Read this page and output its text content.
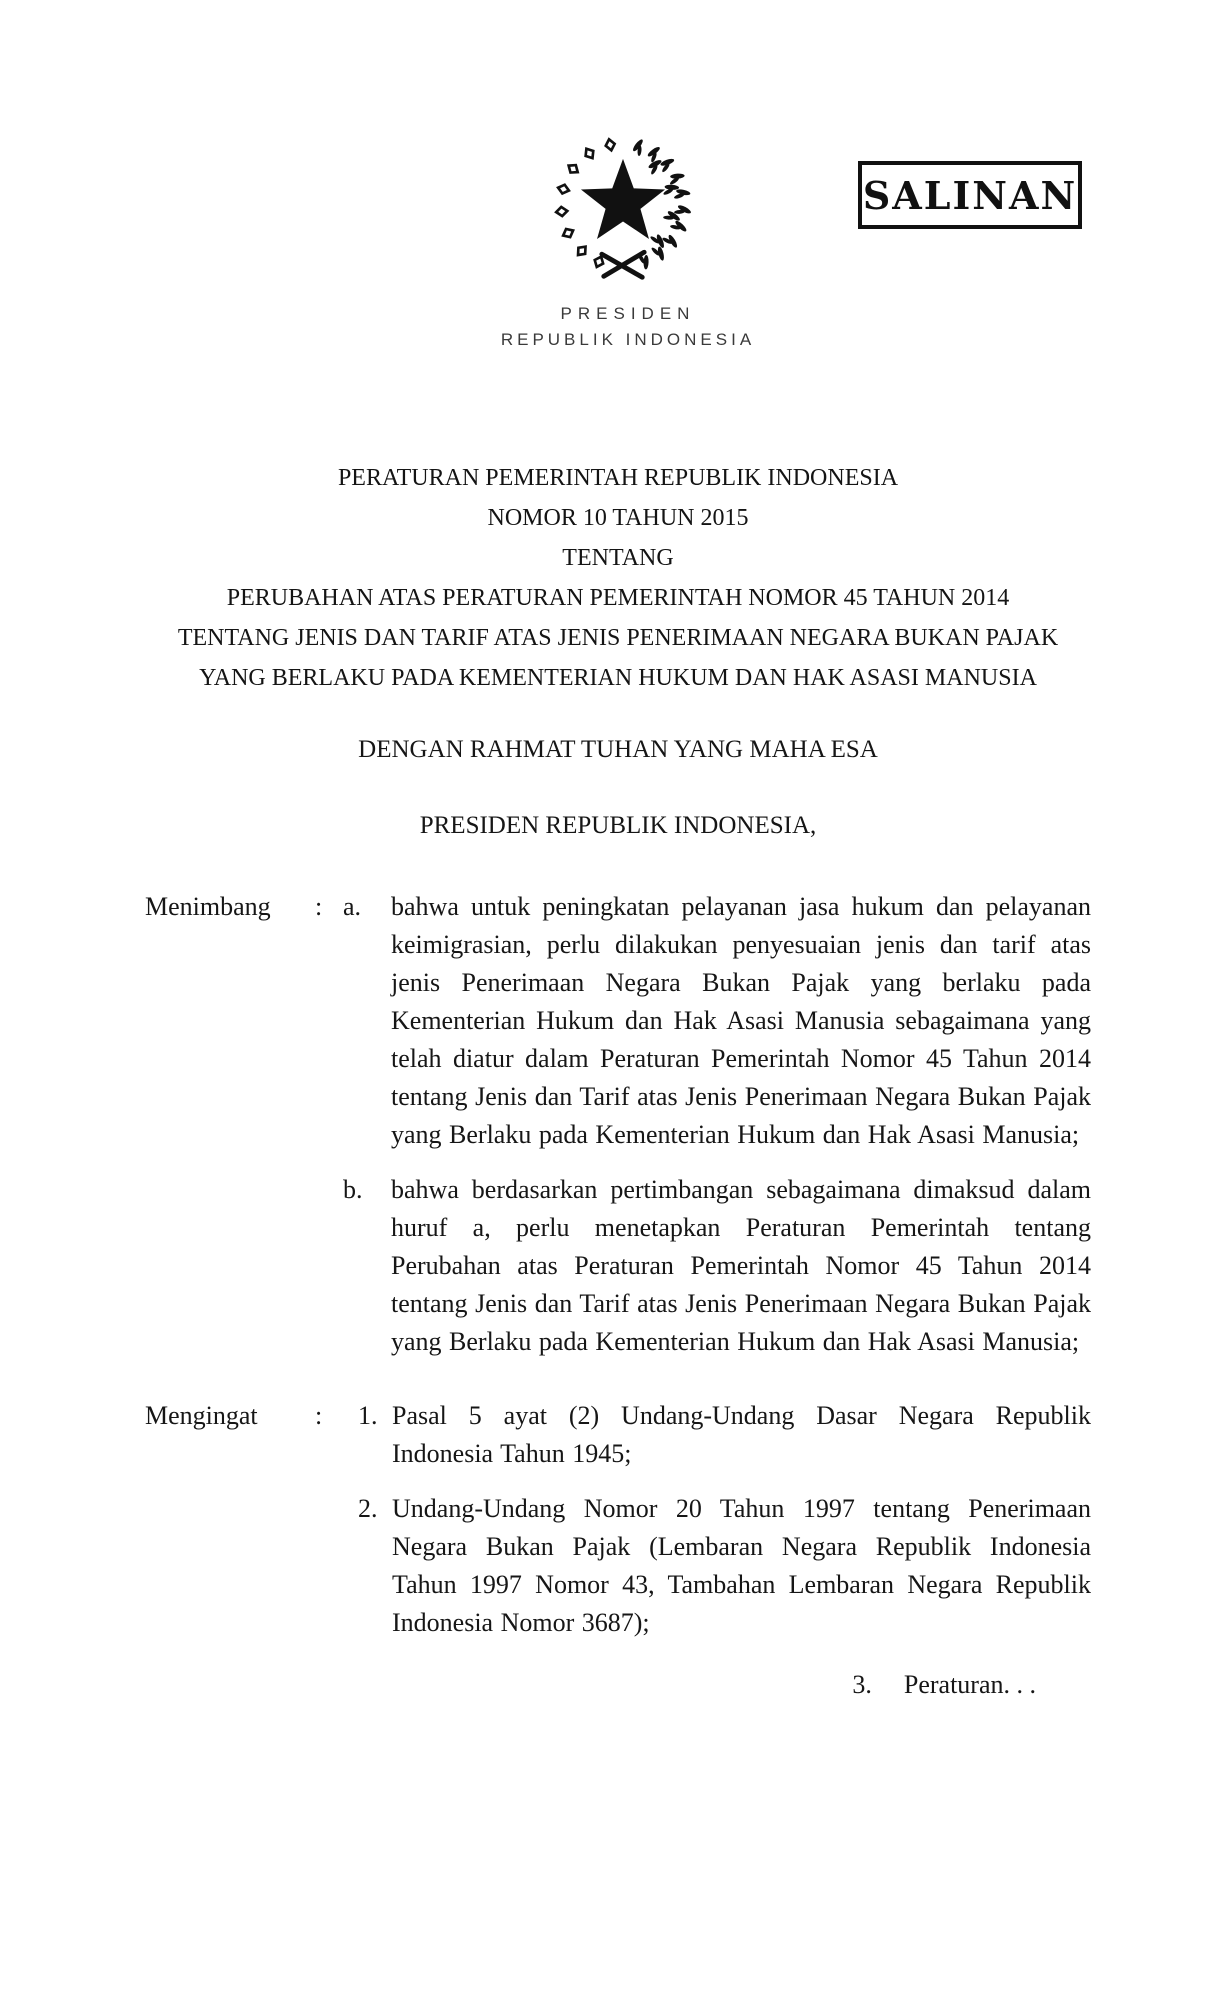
SALINAN
PRESIDEN
REPUBLIK INDONESIA
PERATURAN PEMERINTAH REPUBLIK INDONESIA
NOMOR 10 TAHUN 2015
TENTANG
PERUBAHAN ATAS PERATURAN PEMERINTAH NOMOR 45 TAHUN 2014
TENTANG JENIS DAN TARIF ATAS JENIS PENERIMAAN NEGARA BUKAN PAJAK
YANG BERLAKU PADA KEMENTERIAN HUKUM DAN HAK ASASI MANUSIA
DENGAN RAHMAT TUHAN YANG MAHA ESA
PRESIDEN REPUBLIK INDONESIA,
Menimbang	: a.	bahwa untuk peningkatan pelayanan jasa hukum dan pelayanan keimigrasian, perlu dilakukan penyesuaian jenis dan tarif atas jenis Penerimaan Negara Bukan Pajak yang berlaku pada Kementerian Hukum dan Hak Asasi Manusia sebagaimana yang telah diatur dalam Peraturan Pemerintah Nomor 45 Tahun 2014 tentang Jenis dan Tarif atas Jenis Penerimaan Negara Bukan Pajak yang Berlaku pada Kementerian Hukum dan Hak Asasi Manusia;

b.	bahwa berdasarkan pertimbangan sebagaimana dimaksud dalam huruf a, perlu menetapkan Peraturan Pemerintah tentang Perubahan atas Peraturan Pemerintah Nomor 45 Tahun 2014 tentang Jenis dan Tarif atas Jenis Penerimaan Negara Bukan Pajak yang Berlaku pada Kementerian Hukum dan Hak Asasi Manusia;

Mengingat	:	1. Pasal 5 ayat (2) Undang-Undang Dasar Negara Republik Indonesia Tahun 1945;

2. Undang-Undang Nomor 20 Tahun 1997 tentang Penerimaan Negara Bukan Pajak (Lembaran Negara Republik Indonesia Tahun 1997 Nomor 43, Tambahan Lembaran Negara Republik Indonesia Nomor 3687);

3. Peraturan. . .
